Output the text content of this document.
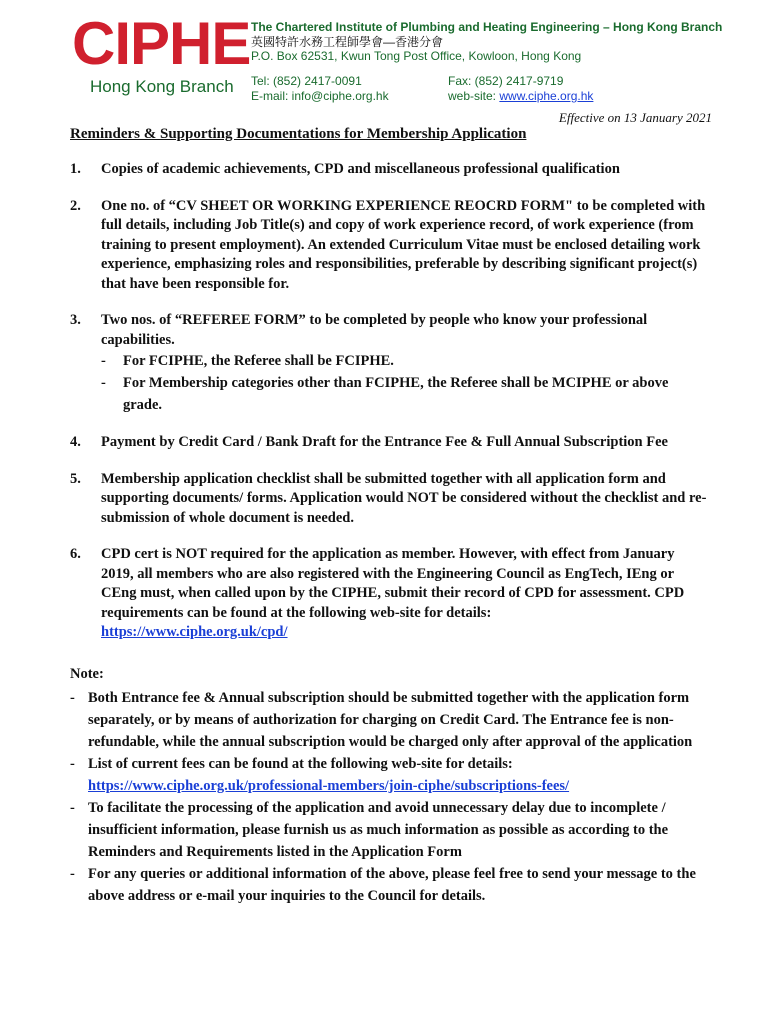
CIPHE
Hong Kong Branch
The Chartered Institute of Plumbing and Heating Engineering – Hong Kong Branch
英國特許水務工程師學會—香港分會
P.O. Box 62531, Kwun Tong Post Office, Kowloon, Hong Kong
Tel: (852) 2417-0091
E-mail: info@ciphe.org.hk
Fax: (852) 2417-9719
web-site: www.ciphe.org.hk
Effective on 13 January 2021
Reminders & Supporting Documentations for Membership Application
1.	Copies of academic achievements, CPD and miscellaneous professional qualification
2.	One no. of “CV SHEET OR WORKING EXPERIENCE REOCRD FORM" to be completed with full details, including Job Title(s) and copy of work experience record, of work experience (from training to present employment). An extended Curriculum Vitae must be enclosed detailing work experience, emphasizing roles and responsibilities, preferable by describing significant project(s) that have been responsible for.
3.	Two nos. of “REFEREE FORM” to be completed by people who know your professional capabilities.
-	For FCIPHE, the Referee shall be FCIPHE.
-	For Membership categories other than FCIPHE, the Referee shall be MCIPHE or above grade.
4.	Payment by Credit Card / Bank Draft for the Entrance Fee & Full Annual Subscription Fee
5.	Membership application checklist shall be submitted together with all application form and supporting documents/ forms. Application would NOT be considered without the checklist and re-submission of whole document is needed.
6.	CPD cert is NOT required for the application as member. However, with effect from January 2019, all members who are also registered with the Engineering Council as EngTech, IEng or CEng must, when called upon by the CIPHE, submit their record of CPD for assessment. CPD requirements can be found at the following web-site for details:
https://www.ciphe.org.uk/cpd/
Note:
- Both Entrance fee & Annual subscription should be submitted together with the application form separately, or by means of authorization for charging on Credit Card. The Entrance fee is non-refundable, while the annual subscription would be charged only after approval of the application
- List of current fees can be found at the following web-site for details:
https://www.ciphe.org.uk/professional-members/join-ciphe/subscriptions-fees/
- To facilitate the processing of the application and avoid unnecessary delay due to incomplete / insufficient information, please furnish us as much information as possible as according to the Reminders and Requirements listed in the Application Form
- For any queries or additional information of the above, please feel free to send your message to the above address or e-mail your inquiries to the Council for details.
